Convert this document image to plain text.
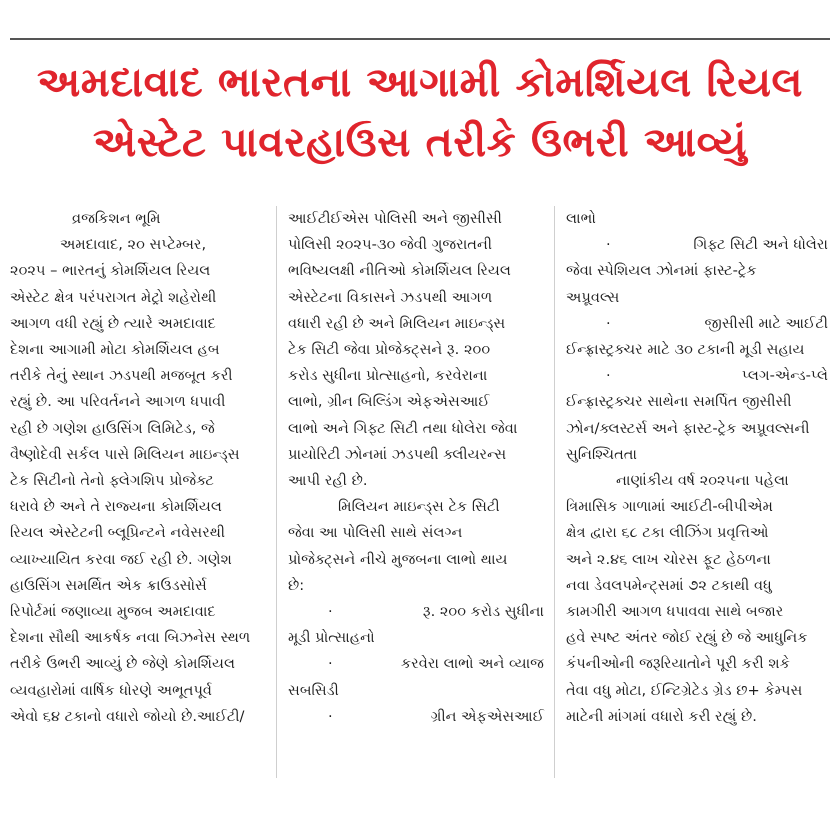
અમદાવાદ ભારતના આગામી કોમર્શિયલ રિયલ
એસ્ટેટ પાવરહાઉસ તરીકે ઉભરી આવ્યું

વ્રજકિશન ભૂમિ

અમદાવાદ, ૨૦ સપ્ટેમ્બર,

૨૦૨૫ – ભારતનું કોમર્શિયલ રિયલ

એસ્ટેટ ક્ષેત્ર પરંપરાગત મેટ્રો શહેરોથી

આગળ વધી રહ્યું છે ત્યારે અમદાવાદ

દેશના આગામી મોટા કોમર્શિયલ હબ

તરીકે તેનું સ્થાન ઝડપથી મજબૂત કરી

રહ્યું છે. આ પરિવર્તનને આગળ ધપાવી

રહી છે ગણેશ હાઉસિંગ લિમિટેડ, જે

વૈષ્ણોદેવી સર્કલ પાસે મિલિયન માઇન્ડ્સ

ટેક સિટીનો તેનો ફ્લેગશિપ પ્રોજેક્ટ

ધરાવે છે અને તે રાજ્યના કોમર્શિયલ

રિયલ એસ્ટેટની બ્લૂપ્રિન્ટને નવેસરથી

વ્યાખ્યાયિત કરવા જઈ રહી છે. ગણેશ

હાઉસિંગ સમર્થિત એક ક્રાઉડસોર્સ

રિપોર્ટમાં જણાવ્યા મુજબ અમદાવાદ

દેશના સૌથી આકર્ષક નવા બિઝનેસ સ્થળ

તરીકે ઉભરી આવ્યું છે જેણે કોમર્શિયલ

વ્યવહારોમાં વાર્ષિક ધોરણે અભૂતપૂર્વ

એવો ૬૪ ટકાનો વધારો જોયો છે.આઈટી/

આઈટીઈએસ પોલિસી અને જીસીસી

પોલિસી ૨૦૨૫-૩૦ જેવી ગુજરાતની

ભવિષ્યલક્ષી નીતિઓ કોમર્શિયલ રિયલ

એસ્ટેટના વિકાસને ઝડપથી આગળ

વધારી રહી છે અને મિલિયન માઇન્ડ્સ

ટેક સિટી જેવા પ્રોજેક્ટ્સને રૂ. ૨૦૦

કરોડ સુધીના પ્રોત્સાહનો, કરવેરાના

લાભો, ગ્રીન બિલ્ડિંગ એફએસઆઈ

લાભો અને ગિફ્ટ સિટી તથા ધોલેરા જેવા

પ્રાયોરિટી ઝોનમાં ઝડપથી ક્લીયરન્સ

આપી રહી છે.

મિલિયન માઇન્ડ્સ ટેક સિટી

જેવા આ પોલિસી સાથે સંલગ્ન

પ્રોજેક્ટ્સને નીચે મુજબના લાભો થાય

છે:

·	રૂ. ૨૦૦ કરોડ સુધીના

મૂડી પ્રોત્સાહનો

·	કરવેરા લાભો અને વ્યાજ

સબસિડી

·	ગ્રીન એફએસઆઈ

લાભો

·	ગિફ્ટ સિટી અને ધોલેરા

જેવા સ્પેશિયલ ઝોનમાં ફાસ્ટ-ટ્રેક

અપ્રૂવલ્સ

·	જીસીસી માટે આઈટી

ઈન્ફ્રાસ્ટ્રક્ચર માટે ૩૦ ટકાની મૂડી સહાય

·	પ્લગ-એન્ડ-પ્લે

ઈન્ફ્રાસ્ટ્રક્ચર સાથેના સમર્પિત જીસીસી

ઝોન/ક્લસ્ટર્સ અને ફાસ્ટ-ટ્રેક અપ્રૂવલ્સની

સુનિશ્ચિતતા

નાણાંકીય વર્ષ ૨૦૨૫ના પહેલા

ત્રિમાસિક ગાળામાં આઈટી-બીપીએમ

ક્ષેત્ર દ્વારા ૬૮ ટકા લીઝિંગ પ્રવૃત્તિઓ

અને ૨.૪૬ લાખ ચોરસ ફૂટ હેઠળના

નવા ડેવલપમેન્ટ્સમાં ૭૨ ટકાથી વધુ

કામગીરી આગળ ધપાવવા સાથે બજાર

હવે સ્પષ્ટ અંતર જોઈ રહ્યું છે જે આધુનિક

કંપનીઓની જરૂરિયાતોને પૂરી કરી શકે

તેવા વધુ મોટા, ઈન્ટિગ્રેટેડ ગ્રેડ છ+ કેમ્પસ

માટેની માંગમાં વધારો કરી રહ્યું છે.
